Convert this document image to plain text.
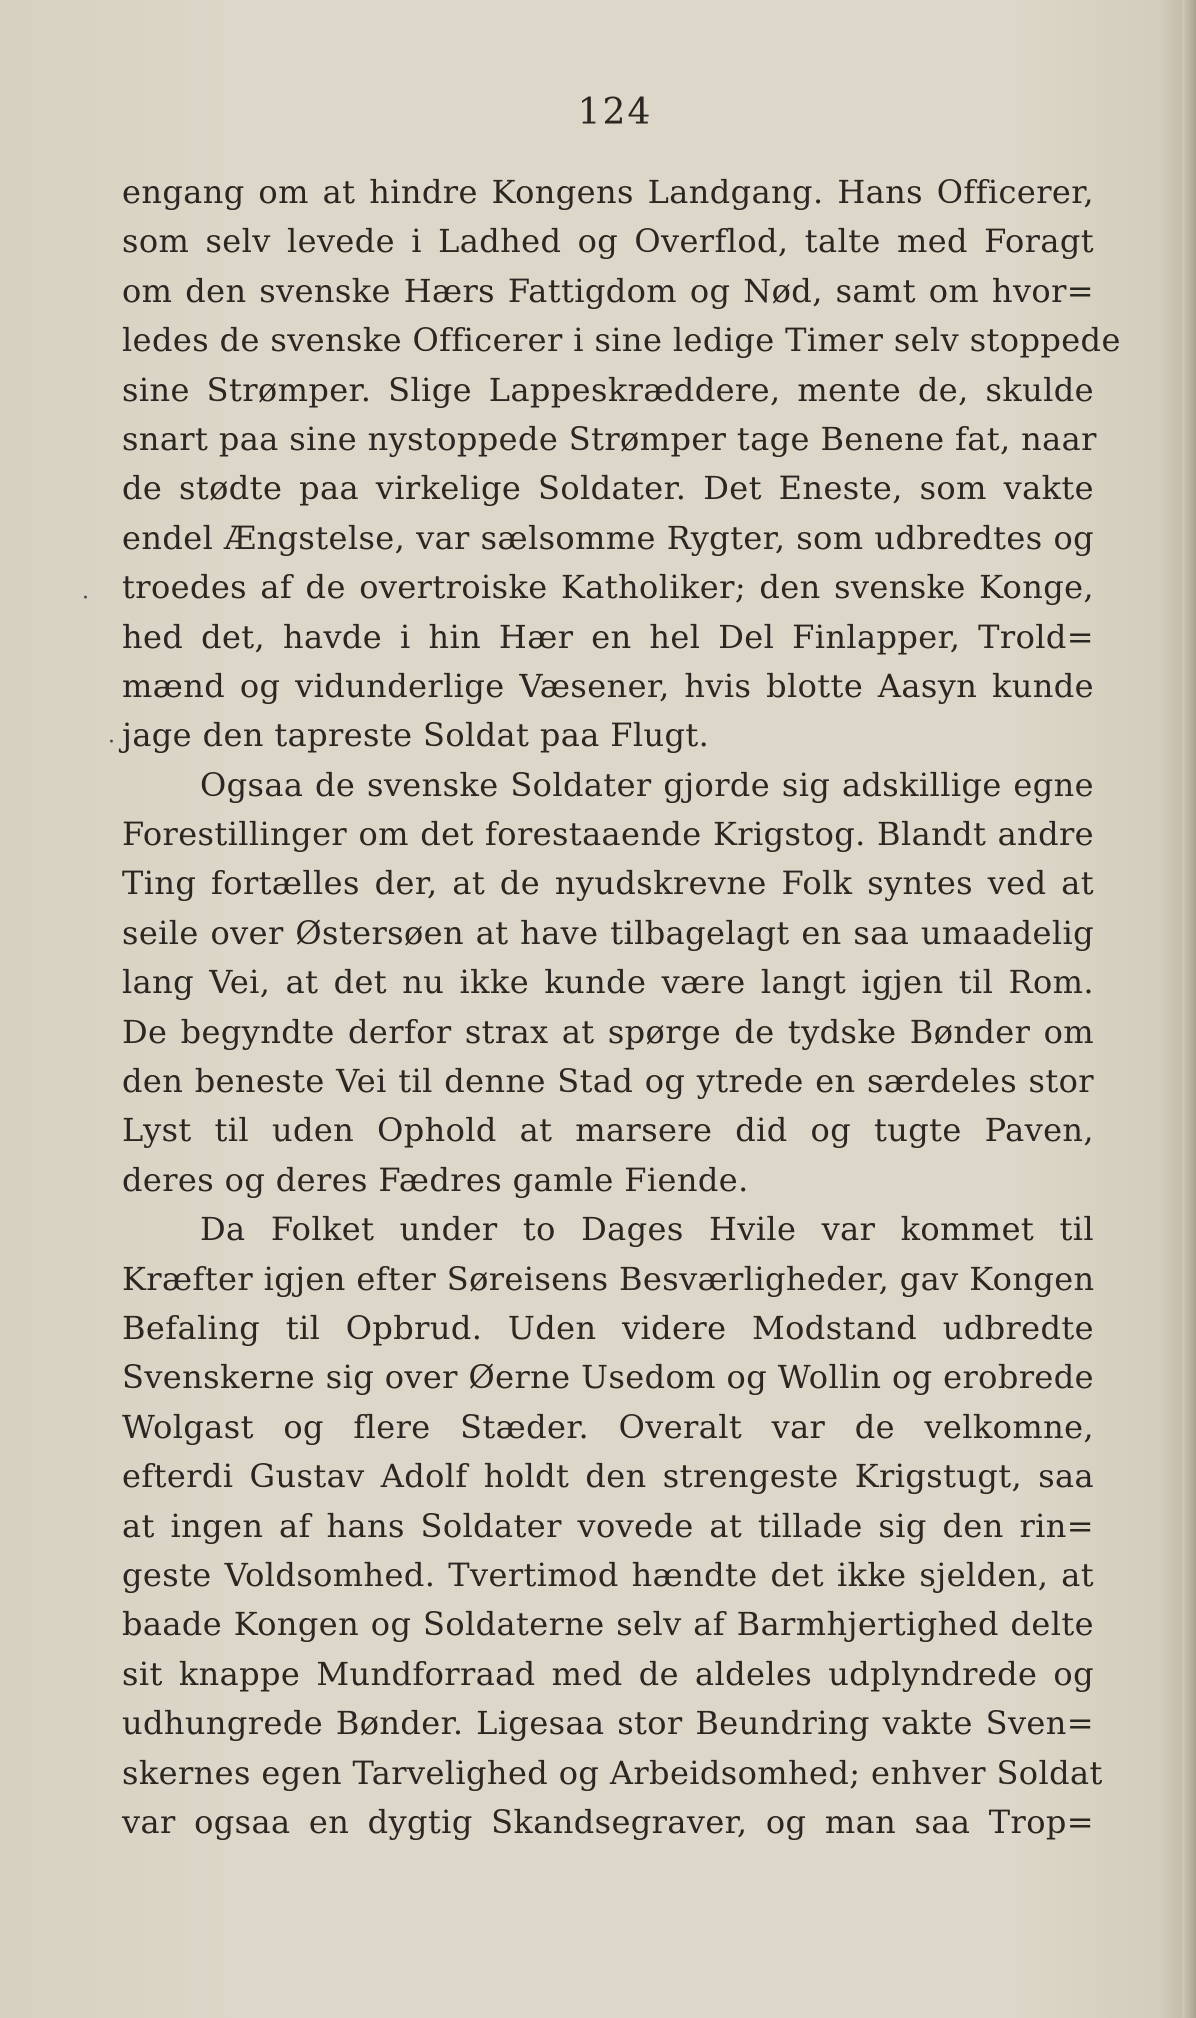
124
·
·
engang om at hindre Kongens Landgang. Hans Officerer,
som selv levede i Ladhed og Overflod, talte med Foragt
om den svenske Hærs Fattigdom og Nød, samt om hvor=
ledes de svenske Officerer i sine ledige Timer selv stoppede
sine Strømper. Slige Lappeskræddere, mente de, skulde
snart paa sine nystoppede Strømper tage Benene fat, naar
de stødte paa virkelige Soldater. Det Eneste, som vakte
endel Ængstelse, var sælsomme Rygter, som udbredtes og
troedes af de overtroiske Katholiker; den svenske Konge,
hed det, havde i hin Hær en hel Del Finlapper, Trold=
mænd og vidunderlige Væsener, hvis blotte Aasyn kunde
jage den tapreste Soldat paa Flugt.
Ogsaa de svenske Soldater gjorde sig adskillige egne
Forestillinger om det forestaaende Krigstog. Blandt andre
Ting fortælles der, at de nyudskrevne Folk syntes ved at
seile over Østersøen at have tilbagelagt en saa umaadelig
lang Vei, at det nu ikke kunde være langt igjen til Rom.
De begyndte derfor strax at spørge de tydske Bønder om
den beneste Vei til denne Stad og ytrede en særdeles stor
Lyst til uden Ophold at marsere did og tugte Paven,
deres og deres Fædres gamle Fiende.
Da Folket under to Dages Hvile var kommet til
Kræfter igjen efter Søreisens Besværligheder, gav Kongen
Befaling til Opbrud. Uden videre Modstand udbredte
Svenskerne sig over Øerne Usedom og Wollin og erobrede
Wolgast og flere Stæder. Overalt var de velkomne,
efterdi Gustav Adolf holdt den strengeste Krigstugt, saa
at ingen af hans Soldater vovede at tillade sig den rin=
geste Voldsomhed. Tvertimod hændte det ikke sjelden, at
baade Kongen og Soldaterne selv af Barmhjertighed delte
sit knappe Mundforraad med de aldeles udplyndrede og
udhungrede Bønder. Ligesaa stor Beundring vakte Sven=
skernes egen Tarvelighed og Arbeidsomhed; enhver Soldat
var ogsaa en dygtig Skandsegraver, og man saa Trop=
